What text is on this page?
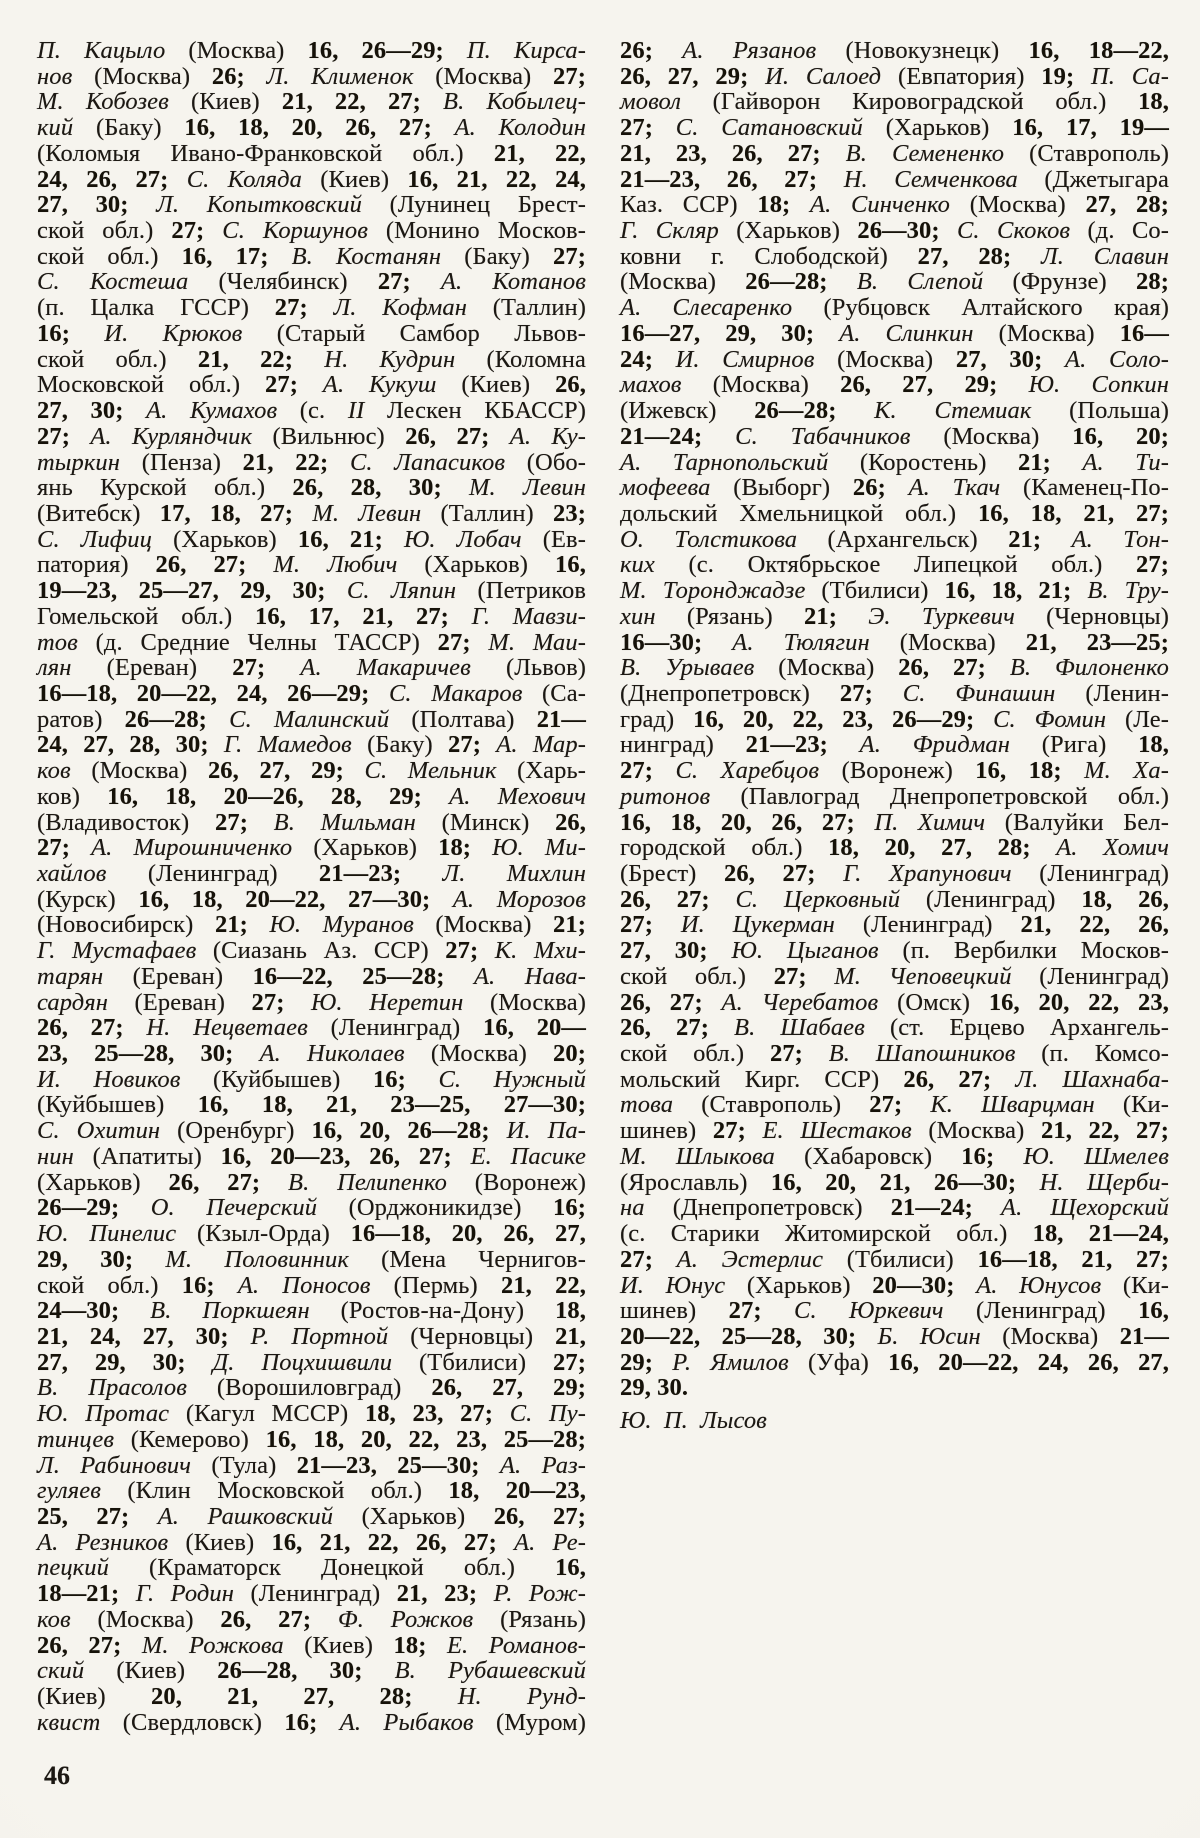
П. Кацыло (Москва) 16, 26—29; П. Кирса-
нов (Москва) 26; Л. Клименок (Москва) 27;
М. Кобозев (Киев) 21, 22, 27; В. Кобылец-
кий (Баку) 16, 18, 20, 26, 27; А. Колодин
(Коломыя Ивано-Франковской обл.) 21, 22,
24, 26, 27; С. Коляда (Киев) 16, 21, 22, 24,
27, 30; Л. Копытковский (Лунинец Брест-
ской обл.) 27; С. Коршунов (Монино Москов-
ской обл.) 16, 17; В. Костанян (Баку) 27;
С. Костеша (Челябинск) 27; А. Котанов
(п. Цалка ГССР) 27; Л. Кофман (Таллин)
16; И. Крюков (Старый Самбор Львов-
ской обл.) 21, 22; Н. Кудрин (Коломна
Московской обл.) 27; А. Кукуш (Киев) 26,
27, 30; А. Кумахов (с. II Лескен КБАССР)
27; А. Курляндчик (Вильнюс) 26, 27; А. Ку-
тыркин (Пенза) 21, 22; С. Лапасиков (Обо-
янь Курской обл.) 26, 28, 30; М. Левин
(Витебск) 17, 18, 27; М. Левин (Таллин) 23;
С. Лифиц (Харьков) 16, 21; Ю. Лобач (Ев-
патория) 26, 27; М. Любич (Харьков) 16,
19—23, 25—27, 29, 30; С. Ляпин (Петриков
Гомельской обл.) 16, 17, 21, 27; Г. Мавзи-
тов (д. Средние Челны ТАССР) 27; М. Маи-
лян (Ереван) 27; А. Макаричев (Львов)
16—18, 20—22, 24, 26—29; С. Макаров (Са-
ратов) 26—28; С. Малинский (Полтава) 21—
24, 27, 28, 30; Г. Мамедов (Баку) 27; А. Мар-
ков (Москва) 26, 27, 29; С. Мельник (Харь-
ков) 16, 18, 20—26, 28, 29; А. Мехович
(Владивосток) 27; В. Мильман (Минск) 26,
27; А. Мирошниченко (Харьков) 18; Ю. Ми-
хайлов (Ленинград) 21—23; Л. Михлин
(Курск) 16, 18, 20—22, 27—30; А. Морозов
(Новосибирск) 21; Ю. Муранов (Москва) 21;
Г. Мустафаев (Сиазань Аз. ССР) 27; К. Мхи-
тарян (Ереван) 16—22, 25—28; А. Нава-
сардян (Ереван) 27; Ю. Неретин (Москва)
26, 27; Н. Нецветаев (Ленинград) 16, 20—
23, 25—28, 30; А. Николаев (Москва) 20;
И. Новиков (Куйбышев) 16; С. Нужный
(Куйбышев) 16, 18, 21, 23—25, 27—30;
С. Охитин (Оренбург) 16, 20, 26—28; И. Па-
нин (Апатиты) 16, 20—23, 26, 27; Е. Пасике
(Харьков) 26, 27; В. Пелипенко (Воронеж)
26—29; О. Печерский (Орджоникидзе) 16;
Ю. Пинелис (Кзыл-Орда) 16—18, 20, 26, 27,
29, 30; М. Половинник (Мена Чернигов-
ской обл.) 16; А. Поносов (Пермь) 21, 22,
24—30; В. Поркшеян (Ростов-на-Дону) 18,
21, 24, 27, 30; Р. Портной (Черновцы) 21,
27, 29, 30; Д. Поцхишвили (Тбилиси) 27;
В. Прасолов (Ворошиловград) 26, 27, 29;
Ю. Протас (Кагул МССР) 18, 23, 27; С. Пу-
тинцев (Кемерово) 16, 18, 20, 22, 23, 25—28;
Л. Рабинович (Тула) 21—23, 25—30; А. Раз-
гуляев (Клин Московской обл.) 18, 20—23,
25, 27; А. Рашковский (Харьков) 26, 27;
А. Резников (Киев) 16, 21, 22, 26, 27; А. Ре-
пецкий (Краматорск Донецкой обл.) 16,
18—21; Г. Родин (Ленинград) 21, 23; Р. Рож-
ков (Москва) 26, 27; Ф. Рожков (Рязань)
26, 27; М. Рожкова (Киев) 18; Е. Романов-
ский (Киев) 26—28, 30; В. Рубашевский
(Киев) 20, 21, 27, 28; Н. Рунд-
квист (Свердловск) 16; А. Рыбаков (Муром)
26; А. Рязанов (Новокузнецк) 16, 18—22,
26, 27, 29; И. Салоед (Евпатория) 19; П. Са-
мовол (Гайворон Кировоградской обл.) 18,
27; С. Сатановский (Харьков) 16, 17, 19—
21, 23, 26, 27; В. Семененко (Ставрополь)
21—23, 26, 27; Н. Семченкова (Джетыгара
Каз. ССР) 18; А. Синченко (Москва) 27, 28;
Г. Скляр (Харьков) 26—30; С. Скоков (д. Со-
ковни г. Слободской) 27, 28; Л. Славин
(Москва) 26—28; В. Слепой (Фрунзе) 28;
А. Слесаренко (Рубцовск Алтайского края)
16—27, 29, 30; А. Слинкин (Москва) 16—
24; И. Смирнов (Москва) 27, 30; А. Соло-
махов (Москва) 26, 27, 29; Ю. Сопкин
(Ижевск) 26—28; К. Стемиак (Польша)
21—24; С. Табачников (Москва) 16, 20;
А. Тарнопольский (Коростень) 21; А. Ти-
мофеева (Выборг) 26; А. Ткач (Каменец-По-
дольский Хмельницкой обл.) 16, 18, 21, 27;
О. Толстикова (Архангельск) 21; А. Тон-
ких (с. Октябрьское Липецкой обл.) 27;
М. Торонджадзе (Тбилиси) 16, 18, 21; В. Тру-
хин (Рязань) 21; Э. Туркевич (Черновцы)
16—30; А. Тюлягин (Москва) 21, 23—25;
В. Урываев (Москва) 26, 27; В. Филоненко
(Днепропетровск) 27; С. Финашин (Ленин-
град) 16, 20, 22, 23, 26—29; С. Фомин (Ле-
нинград) 21—23; А. Фридман (Рига) 18,
27; С. Харебцов (Воронеж) 16, 18; М. Ха-
ритонов (Павлоград Днепропетровской обл.)
16, 18, 20, 26, 27; П. Химич (Валуйки Бел-
городской обл.) 18, 20, 27, 28; А. Хомич
(Брест) 26, 27; Г. Храпунович (Ленинград)
26, 27; С. Церковный (Ленинград) 18, 26,
27; И. Цукерман (Ленинград) 21, 22, 26,
27, 30; Ю. Цыганов (п. Вербилки Москов-
ской обл.) 27; М. Чеповецкий (Ленинград)
26, 27; А. Черебатов (Омск) 16, 20, 22, 23,
26, 27; В. Шабаев (ст. Ерцево Архангель-
ской обл.) 27; В. Шапошников (п. Комсо-
мольский Кирг. ССР) 26, 27; Л. Шахнаба-
това (Ставрополь) 27; К. Шварцман (Ки-
шинев) 27; Е. Шестаков (Москва) 21, 22, 27;
М. Шлыкова (Хабаровск) 16; Ю. Шмелев
(Ярославль) 16, 20, 21, 26—30; Н. Щерби-
на (Днепропетровск) 21—24; А. Щехорский
(с. Старики Житомирской обл.) 18, 21—24,
27; А. Эстерлис (Тбилиси) 16—18, 21, 27;
И. Юнус (Харьков) 20—30; А. Юнусов (Ки-
шинев) 27; С. Юркевич (Ленинград) 16,
20—22, 25—28, 30; Б. Юсин (Москва) 21—
29; Р. Ямилов (Уфа) 16, 20—22, 24, 26, 27,
29, 30.
Ю. П. Лысов
46
